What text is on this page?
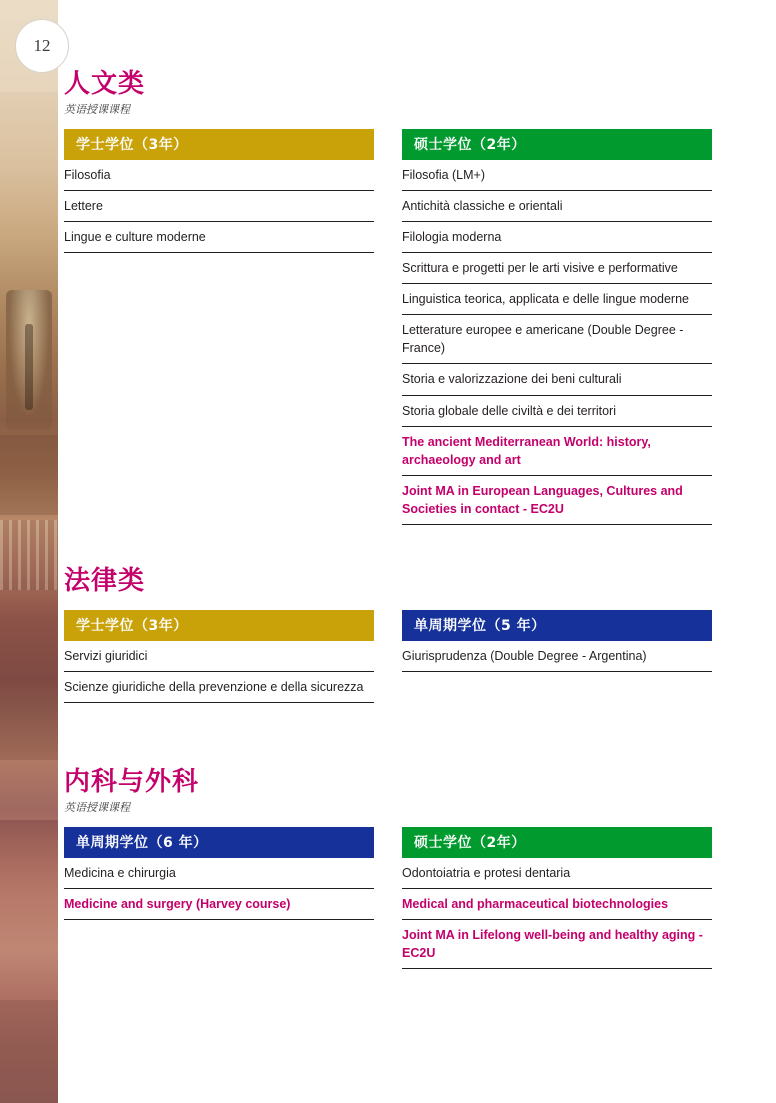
12
人文类
英语授课课程
学士学位（3年）
Filosofia
Lettere
Lingue e culture moderne
硕士学位（2年）
Filosofia (LM+)
Antichità classiche e orientali
Filologia moderna
Scrittura e progetti per le arti visive e performative
Linguistica teorica, applicata e delle lingue moderne
Letterature europee e americane (Double Degree - France)
Storia e valorizzazione dei beni culturali
Storia globale delle civiltà e dei territori
The ancient Mediterranean World: history, archaeology and art
Joint MA in European Languages, Cultures and Societies in contact - EC2U
法律类
学士学位（3年）
Servizi giuridici
Scienze giuridiche della prevenzione e della sicurezza
单周期学位（5 年）
Giurisprudenza (Double Degree - Argentina)
内科与外科
英语授课课程
单周期学位（6 年）
Medicina e chirurgia
Medicine and surgery (Harvey course)
硕士学位（2年）
Odontoiatria e protesi dentaria
Medical and pharmaceutical biotechnologies
Joint MA in Lifelong well-being and healthy aging - EC2U
